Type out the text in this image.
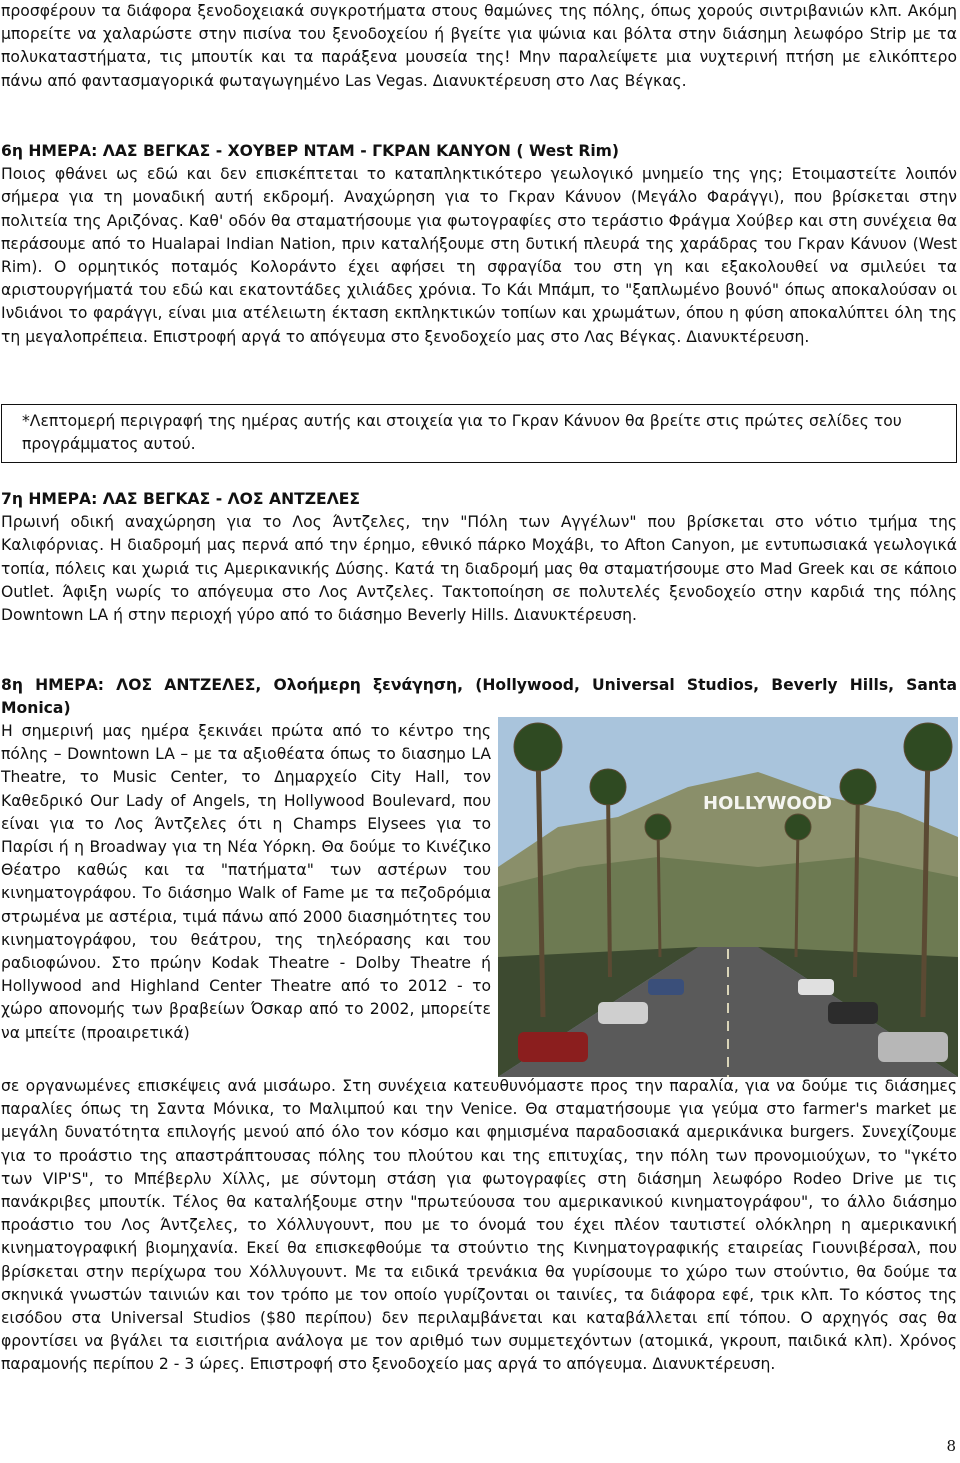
προσφέρουν τα διάφορα ξενοδοχειακά συγκροτήματα στους θαμώνες της πόλης, όπως χορούς σιντριβανιών κλπ. Ακόμη μπορείτε να χαλαρώστε στην πισίνα του ξενοδοχείου ή βγείτε για ψώνια και βόλτα στην διάσημη λεωφόρο Strip με τα πολυκαταστήματα, τις μπουτίκ και τα παράξενα μουσεία της! Μην παραλείψετε μια νυχτερινή πτήση με ελικόπτερο πάνω από φαντασμαγορικά φωταγωγημένο Las Vegas. Διανυκτέρευση στο Λας Βέγκας.

6η ΗΜΕΡΑ: ΛΑΣ ΒΕΓΚΑΣ - ΧΟΥΒΕΡ ΝΤΑΜ - ΓΚΡΑΝ ΚΑΝΥΟΝ ( West Rim)

Ποιος φθάνει ως εδώ και δεν επισκέπτεται το καταπληκτικότερο γεωλογικό μνημείο της γης; Ετοιμαστείτε λοιπόν σήμερα για τη μοναδική αυτή εκδρομή. Αναχώρηση για το Γκραν Κάνυον (Μεγάλο Φαράγγι), που βρίσκεται στην πολιτεία της Αριζόνας. Καθ' οδόν θα σταματήσουμε για φωτογραφίες στο τεράστιο Φράγμα Χούβερ και στη συνέχεια θα περάσουμε από το Hualapai Indian Nation, πριν καταλήξουμε στη δυτική πλευρά της χαράδρας του Γκραν Κάνυον (West Rim). Ο ορμητικός ποταμός Κολοράντο έχει αφήσει τη σφραγίδα του στη γη και εξακολουθεί να σμιλεύει τα αριστουργήματά του εδώ και εκατοντάδες χιλιάδες χρόνια. Το Κάι Μπάμπ, το "ξαπλωμένο βουνό" όπως αποκαλούσαν οι Ινδιάνοι το φαράγγι, είναι μια ατέλειωτη έκταση εκπληκτικών τοπίων και χρωμάτων, όπου η φύση αποκαλύπτει όλη της τη μεγαλοπρέπεια. Επιστροφή αργά το απόγευμα στο ξενοδοχείο μας στο Λας Βέγκας. Διανυκτέρευση.

*Λεπτομερή περιγραφή της ημέρας αυτής και στοιχεία για το Γκραν Κάνυον θα βρείτε στις πρώτες σελίδες του προγράμματος αυτού.

7η ΗΜΕΡΑ: ΛΑΣ ΒΕΓΚΑΣ - ΛΟΣ ΑΝΤΖΕΛΕΣ

Πρωινή οδική αναχώρηση για το Λος Άντζελες, την "Πόλη των Αγγέλων" που βρίσκεται στο νότιο τμήμα της Καλιφόρνιας. Η διαδρομή μας περνά από την έρημο, εθνικό πάρκο Μοχάβι, το Afton Canyon, με εντυπωσιακά γεωλογικά τοπία, πόλεις και χωριά τις Αμερικανικής Δύσης. Κατά τη διαδρομή μας θα σταματήσουμε στο Mad Greek και σε κάποιο Outlet. Άφιξη νωρίς το απόγευμα στο Λος Αντζελες. Τακτοποίηση σε πολυτελές ξενοδοχείο στην καρδιά της πόλης Downtown LA ή στην περιοχή γύρο από το διάσημο Beverly Hills. Διανυκτέρευση.

8η ΗΜΕΡΑ: ΛΟΣ ΑΝΤΖΕΛΕΣ, Ολοήμερη ξενάγηση, (Hollywood, Universal Studios, Beverly Hills, Santa Monica)

Η σημερινή μας ημέρα ξεκινάει πρώτα από το κέντρο της πόλης – Downtown LA – με τα αξιοθέατα όπως το διασημο LA Theatre, το Music Center, το Δημαρχείο City Hall, τον Καθεδρικό Our Lady of Angels, τη Hollywood Boulevard, που είναι για το Λος Άντζελες ότι η Champs Elysees για το Παρίσι ή η Broadway για τη Νέα Υόρκη. Θα δούμε το Κινέζικο Θέατρο καθώς και τα "πατήματα" των αστέρων του κινηματογράφου. Το διάσημο Walk of Fame με τα πεζοδρόμια στρωμένα με αστέρια, τιμά πάνω από 2000 διασημότητες του κινηματογράφου, του θεάτρου, της τηλεόρασης και του ραδιοφώνου. Στο πρώην Kodak Theatre - Dolby Theatre ή Hollywood and Highland Center Theatre από το 2012 - το χώρο απονομής των βραβείων Όσκαρ από το 2002, μπορείτε να μπείτε (προαιρετικά)

HOLLYWOOD

σε οργανωμένες επισκέψεις ανά μισάωρο. Στη συνέχεια κατευθυνόμαστε προς την παραλία, για να δούμε τις διάσημες παραλίες όπως τη Σαντα Μόνικα, το Μαλιμπού και την Venice. Θα σταματήσουμε για γεύμα στο farmer's market με μεγάλη δυνατότητα επιλογής μενού από όλο τον κόσμο και φημισμένα παραδοσιακά αμερικάνικα burgers. Συνεχίζουμε για το προάστιο της απαστράπτουσας πόλης του πλούτου και της επιτυχίας, την πόλη των προνομιούχων, το "γκέτο των VIP'S", το Μπέβερλυ Χίλλς, με σύντομη στάση για φωτογραφίες στη διάσημη λεωφόρο Rodeo Drive με τις πανάκριβες μπουτίκ. Τέλος θα καταλήξουμε στην "πρωτεύουσα του αμερικανικού κινηματογράφου", το άλλο διάσημο προάστιο του Λος Άντζελες, το Χόλλυγουντ, που με το όνομά του έχει πλέον ταυτιστεί ολόκληρη η αμερικανική κινηματογραφική βιομηχανία. Εκεί θα επισκεφθούμε τα στούντιο της Κινηματογραφικής εταιρείας Γιουνιβέρσαλ, που βρίσκεται στην περίχωρα του Χόλλυγουντ. Με τα ειδικά τρενάκια θα γυρίσουμε το χώρο των στούντιο, θα δούμε τα σκηνικά γνωστών ταινιών και τον τρόπο με τον οποίο γυρίζονται οι ταινίες, τα διάφορα εφέ, τρικ κλπ. Το κόστος της εισόδου στα Universal Studios ($80 περίπου) δεν περιλαμβάνεται και καταβάλλεται επί τόπου. Ο αρχηγός σας θα φροντίσει να βγάλει τα εισιτήρια ανάλογα με τον αριθμό των συμμετεχόντων (ατομικά, γκρουπ, παιδικά κλπ). Χρόνος παραμονής περίπου 2 - 3 ώρες. Επιστροφή στο ξενοδοχείο μας αργά το απόγευμα. Διανυκτέρευση.

8
